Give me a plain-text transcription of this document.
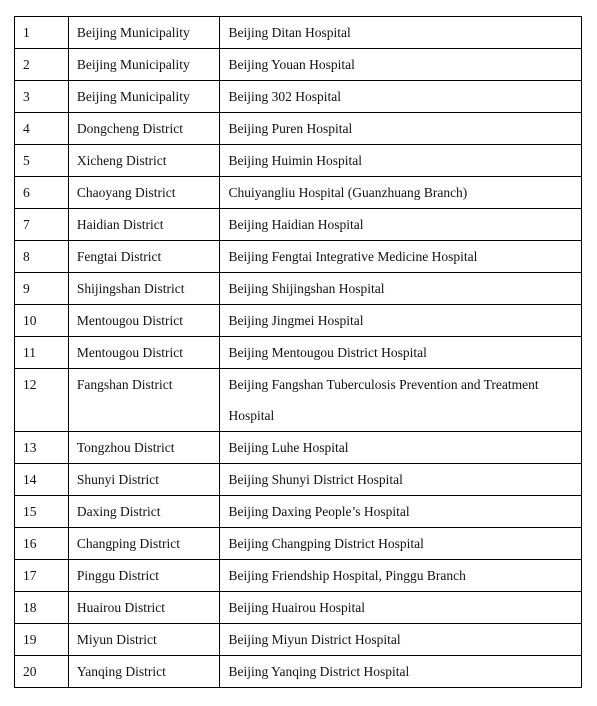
1	Beijing Municipality	Beijing Ditan Hospital
2	Beijing Municipality	Beijing Youan Hospital
3	Beijing Municipality	Beijing 302 Hospital
4	Dongcheng District	Beijing Puren Hospital
5	Xicheng District	Beijing Huimin Hospital
6	Chaoyang District	Chuiyangliu Hospital (Guanzhuang Branch)
7	Haidian District	Beijing Haidian Hospital
8	Fengtai District	Beijing Fengtai Integrative Medicine Hospital
9	Shijingshan District	Beijing Shijingshan Hospital
10	Mentougou District	Beijing Jingmei Hospital
11	Mentougou District	Beijing Mentougou District Hospital
12	Fangshan District	Beijing Fangshan Tuberculosis Prevention and Treatment Hospital
13	Tongzhou District	Beijing Luhe Hospital
14	Shunyi District	Beijing Shunyi District Hospital
15	Daxing District	Beijing Daxing People’s Hospital
16	Changping District	Beijing Changping District Hospital
17	Pinggu District	Beijing Friendship Hospital, Pinggu Branch
18	Huairou District	Beijing Huairou Hospital
19	Miyun District	Beijing Miyun District Hospital
20	Yanqing District	Beijing Yanqing District Hospital
